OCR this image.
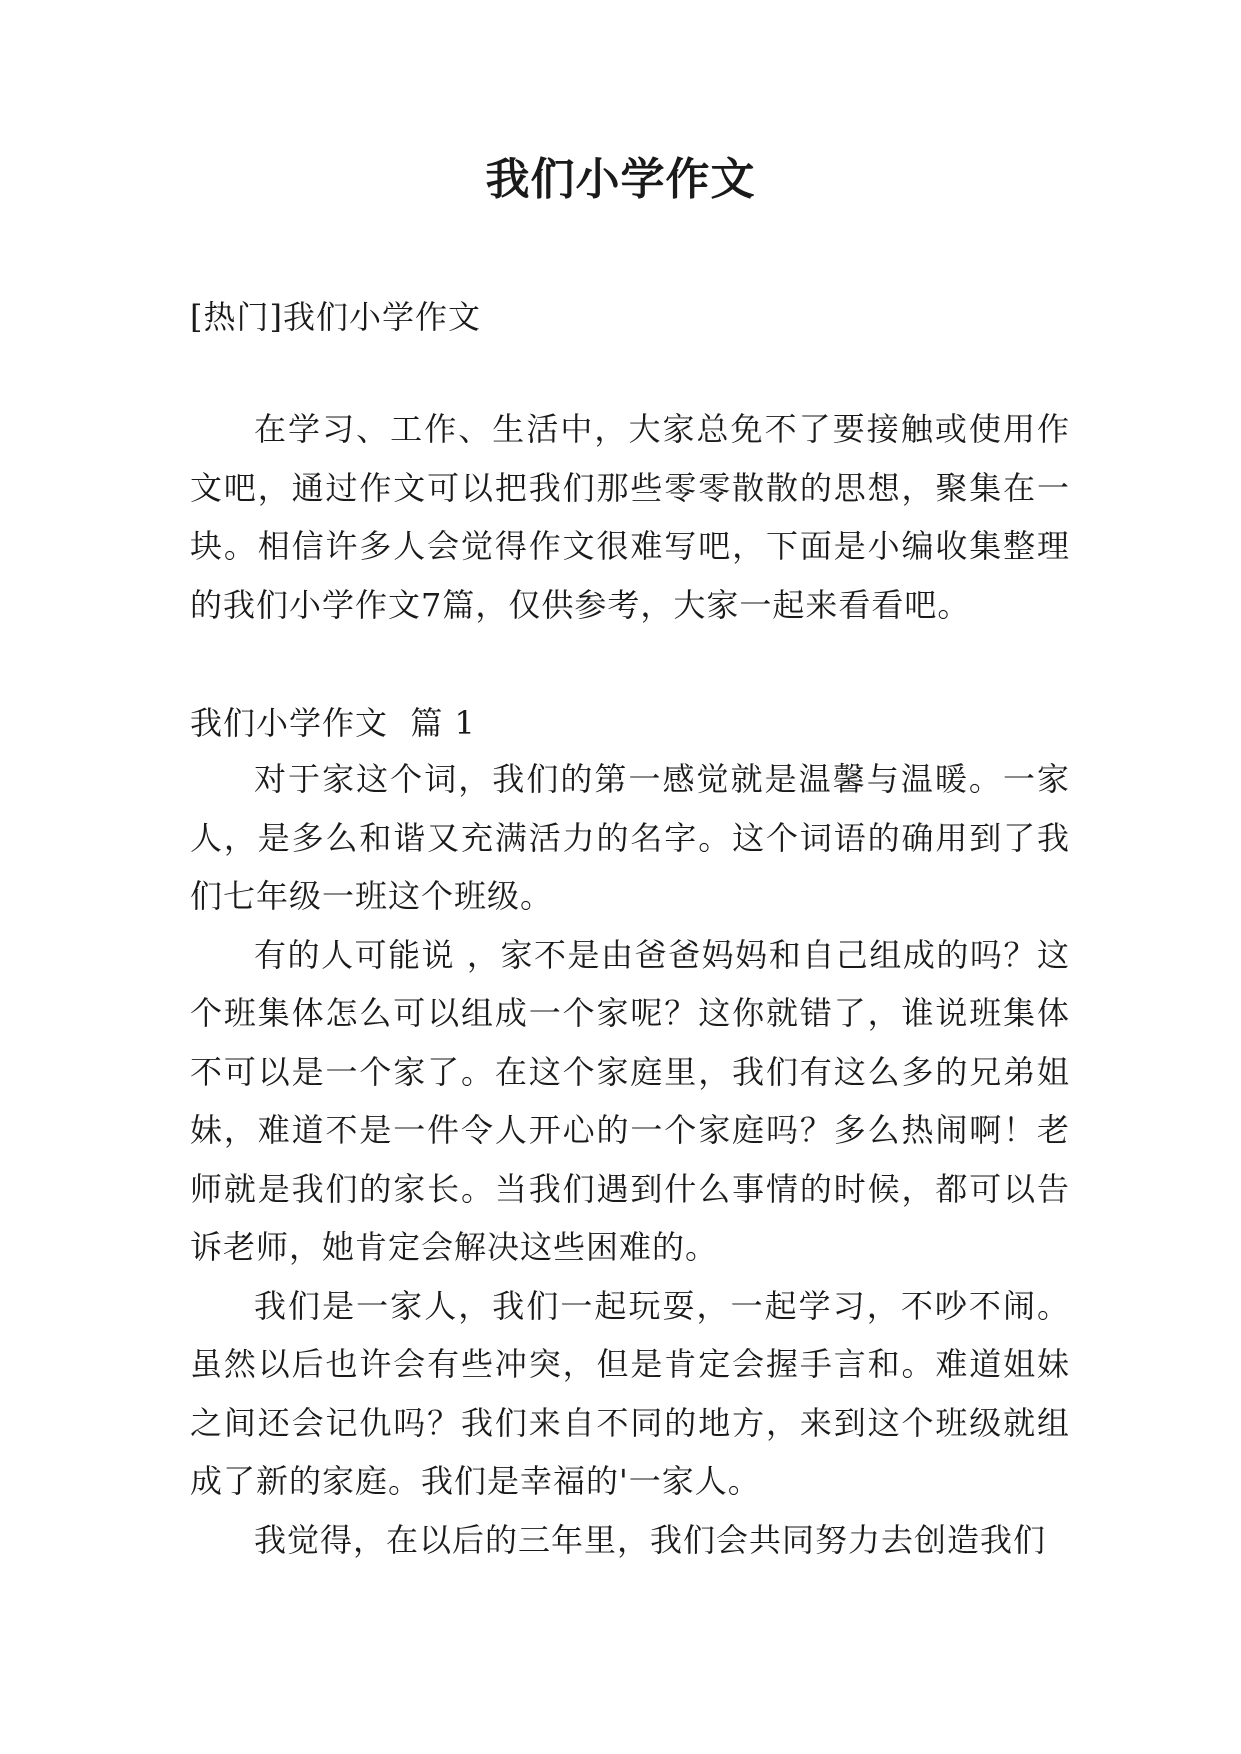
我们小学作文
[热门]我们小学作文

在学习、工作、生活中，大家总免不了要接触或使用作文吧，通过作文可以把我们那些零零散散的思想，聚集在一块。相信许多人会觉得作文很难写吧，下面是小编收集整理的我们小学作文7篇，仅供参考，大家一起来看看吧。

我们小学作文  篇 1

对于家这个词，我们的第一感觉就是温馨与温暖。一家人，是多么和谐又充满活力的名字。这个词语的确用到了我们七年级一班这个班级。

有的人可能说 ，家不是由爸爸妈妈和自己组成的吗？这个班集体怎么可以组成一个家呢？这你就错了，谁说班集体不可以是一个家了。在这个家庭里，我们有这么多的兄弟姐妹，难道不是一件令人开心的一个家庭吗？多么热闹啊！老师就是我们的家长。当我们遇到什么事情的时候，都可以告诉老师，她肯定会解决这些困难的。

我们是一家人，我们一起玩耍，一起学习，不吵不闹。虽然以后也许会有些冲突，但是肯定会握手言和。难道姐妹之间还会记仇吗？我们来自不同的地方，来到这个班级就组成了新的家庭。我们是幸福的'一家人。

我觉得，在以后的三年里，我们会共同努力去创造我们
